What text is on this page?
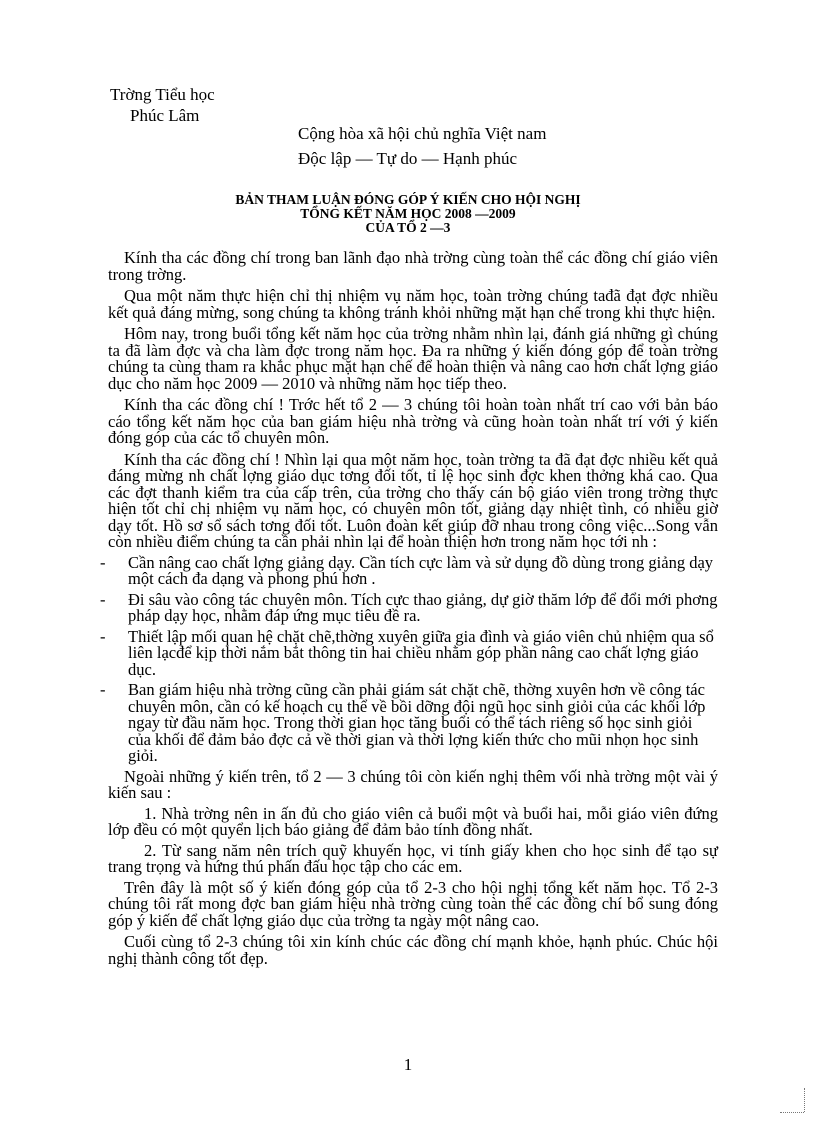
Trờng Tiểu học
Phúc Lâm
Cộng hòa xã hội chủ nghĩa Việt nam
Độc lập — Tự do — Hạnh phúc
BẢN THAM LUẬN ĐÓNG GÓP Ý KIẾN CHO HỘI NGHỊ
TỔNG KẾT NĂM HỌC 2008 —2009
CỦA TỔ 2 —3

Kính tha các đồng chí trong ban lãnh đạo nhà trờng cùng toàn thể các đồng chí giáo viên trong trờng.

Qua một năm thực hiện chỉ thị nhiệm vụ năm học, toàn trờng chúng tađã đạt đợc nhiều kết quả đáng mừng, song chúng ta không tránh khỏi những mặt hạn chế trong khi thực hiện.

Hôm nay, trong buổi tổng kết năm học của trờng nhằm nhìn lại, đánh giá những gì chúng ta đã làm đợc và cha làm đợc trong năm học. Đa ra những ý kiến đóng góp để toàn trờng chúng ta cùng tham ra khắc phục mặt hạn chế để hoàn thiện và nâng cao hơn chất lợng giáo dục cho năm học 2009 — 2010 và những năm học tiếp theo.

Kính tha các đồng chí ! Trớc hết tổ 2 — 3 chúng tôi hoàn toàn nhất trí cao với bản báo cáo tổng kết năm học của ban giám hiệu nhà trờng và cũng hoàn toàn nhất trí với ý kiến đóng góp của các tổ chuyên môn.

Kính tha các đồng chí ! Nhìn lại qua một năm học, toàn trờng ta đã đạt đợc nhiều kết quả đáng mừng nh chất lợng giáo dục tơng đối tốt, tỉ lệ học sinh đợc khen thởng khá cao. Qua các đợt thanh kiểm tra của cấp trên, của trờng cho thấy cán bộ giáo viên trong trờng thực hiện tốt chỉ chị nhiệm vụ năm học, có chuyên môn tốt, giảng dạy nhiệt tình, có nhiều giờ dạy tốt. Hồ sơ sổ sách tơng đối tốt. Luôn đoàn kết giúp đỡ nhau trong công việc...Song vẫn còn nhiều điểm chúng ta cần phải nhìn lại để hoàn thiện hơn trong năm học tới nh :

- Cần nâng cao chất lợng giảng dạy. Cần tích cực làm và sử dụng đồ dùng trong giảng dạy một cách đa dạng và phong phú hơn .
- Đi sâu vào công tác chuyên môn. Tích cực thao giảng, dự giờ thăm lớp để đổi mới phơng pháp dạy học, nhằm đáp ứng mục tiêu đề ra.
- Thiết lập mối quan hệ chặt chẽ,thờng xuyên giữa gia đình và giáo viên chủ nhiệm qua sổ liên lạcđể kịp thời nắm bắt thông tin hai chiều nhằm góp phần nâng cao chất lợng giáo dục.
- Ban giám hiệu nhà trờng cũng cần phải giám sát chặt chẽ, thờng xuyên hơn về công tác chuyên môn, cần có kế hoạch cụ thể về bồi dỡng đội ngũ học sinh giỏi của các khối lớp ngay từ đầu năm học. Trong thời gian học tăng buổi có thể tách riêng số học sinh giỏi của khối để đảm bảo đợc cả về thời gian và thời lợng kiến thức cho mũi nhọn học sinh giỏi.

Ngoài những ý kiến trên, tổ 2 — 3 chúng tôi còn kiến nghị thêm vối nhà trờng một vài ý kiến sau :

1. Nhà trờng nên in ấn đủ cho giáo viên cả buổi một và buổi hai, mỗi giáo viên đứng lớp đều có một quyển lịch báo giảng để đảm bảo tính đồng nhất.

2. Từ sang năm nên trích quỹ khuyến học, vi tính giấy khen cho học sinh để tạo sự trang trọng và hứng thú phấn đấu học tập cho các em.

Trên đây là một số ý kiến đóng góp của tổ 2-3 cho hội nghị tổng kết năm học. Tổ 2-3 chúng tôi rất mong đợc ban giám hiệu nhà trờng cùng toàn thể các đồng chí bổ sung đóng góp ý kiến để chất lợng giáo dục của trờng ta ngày một nâng cao.

Cuối cùng tổ 2-3 chúng tôi xin kính chúc các đồng chí mạnh khỏe, hạnh phúc. Chúc hội nghị thành công tốt đẹp.

1
